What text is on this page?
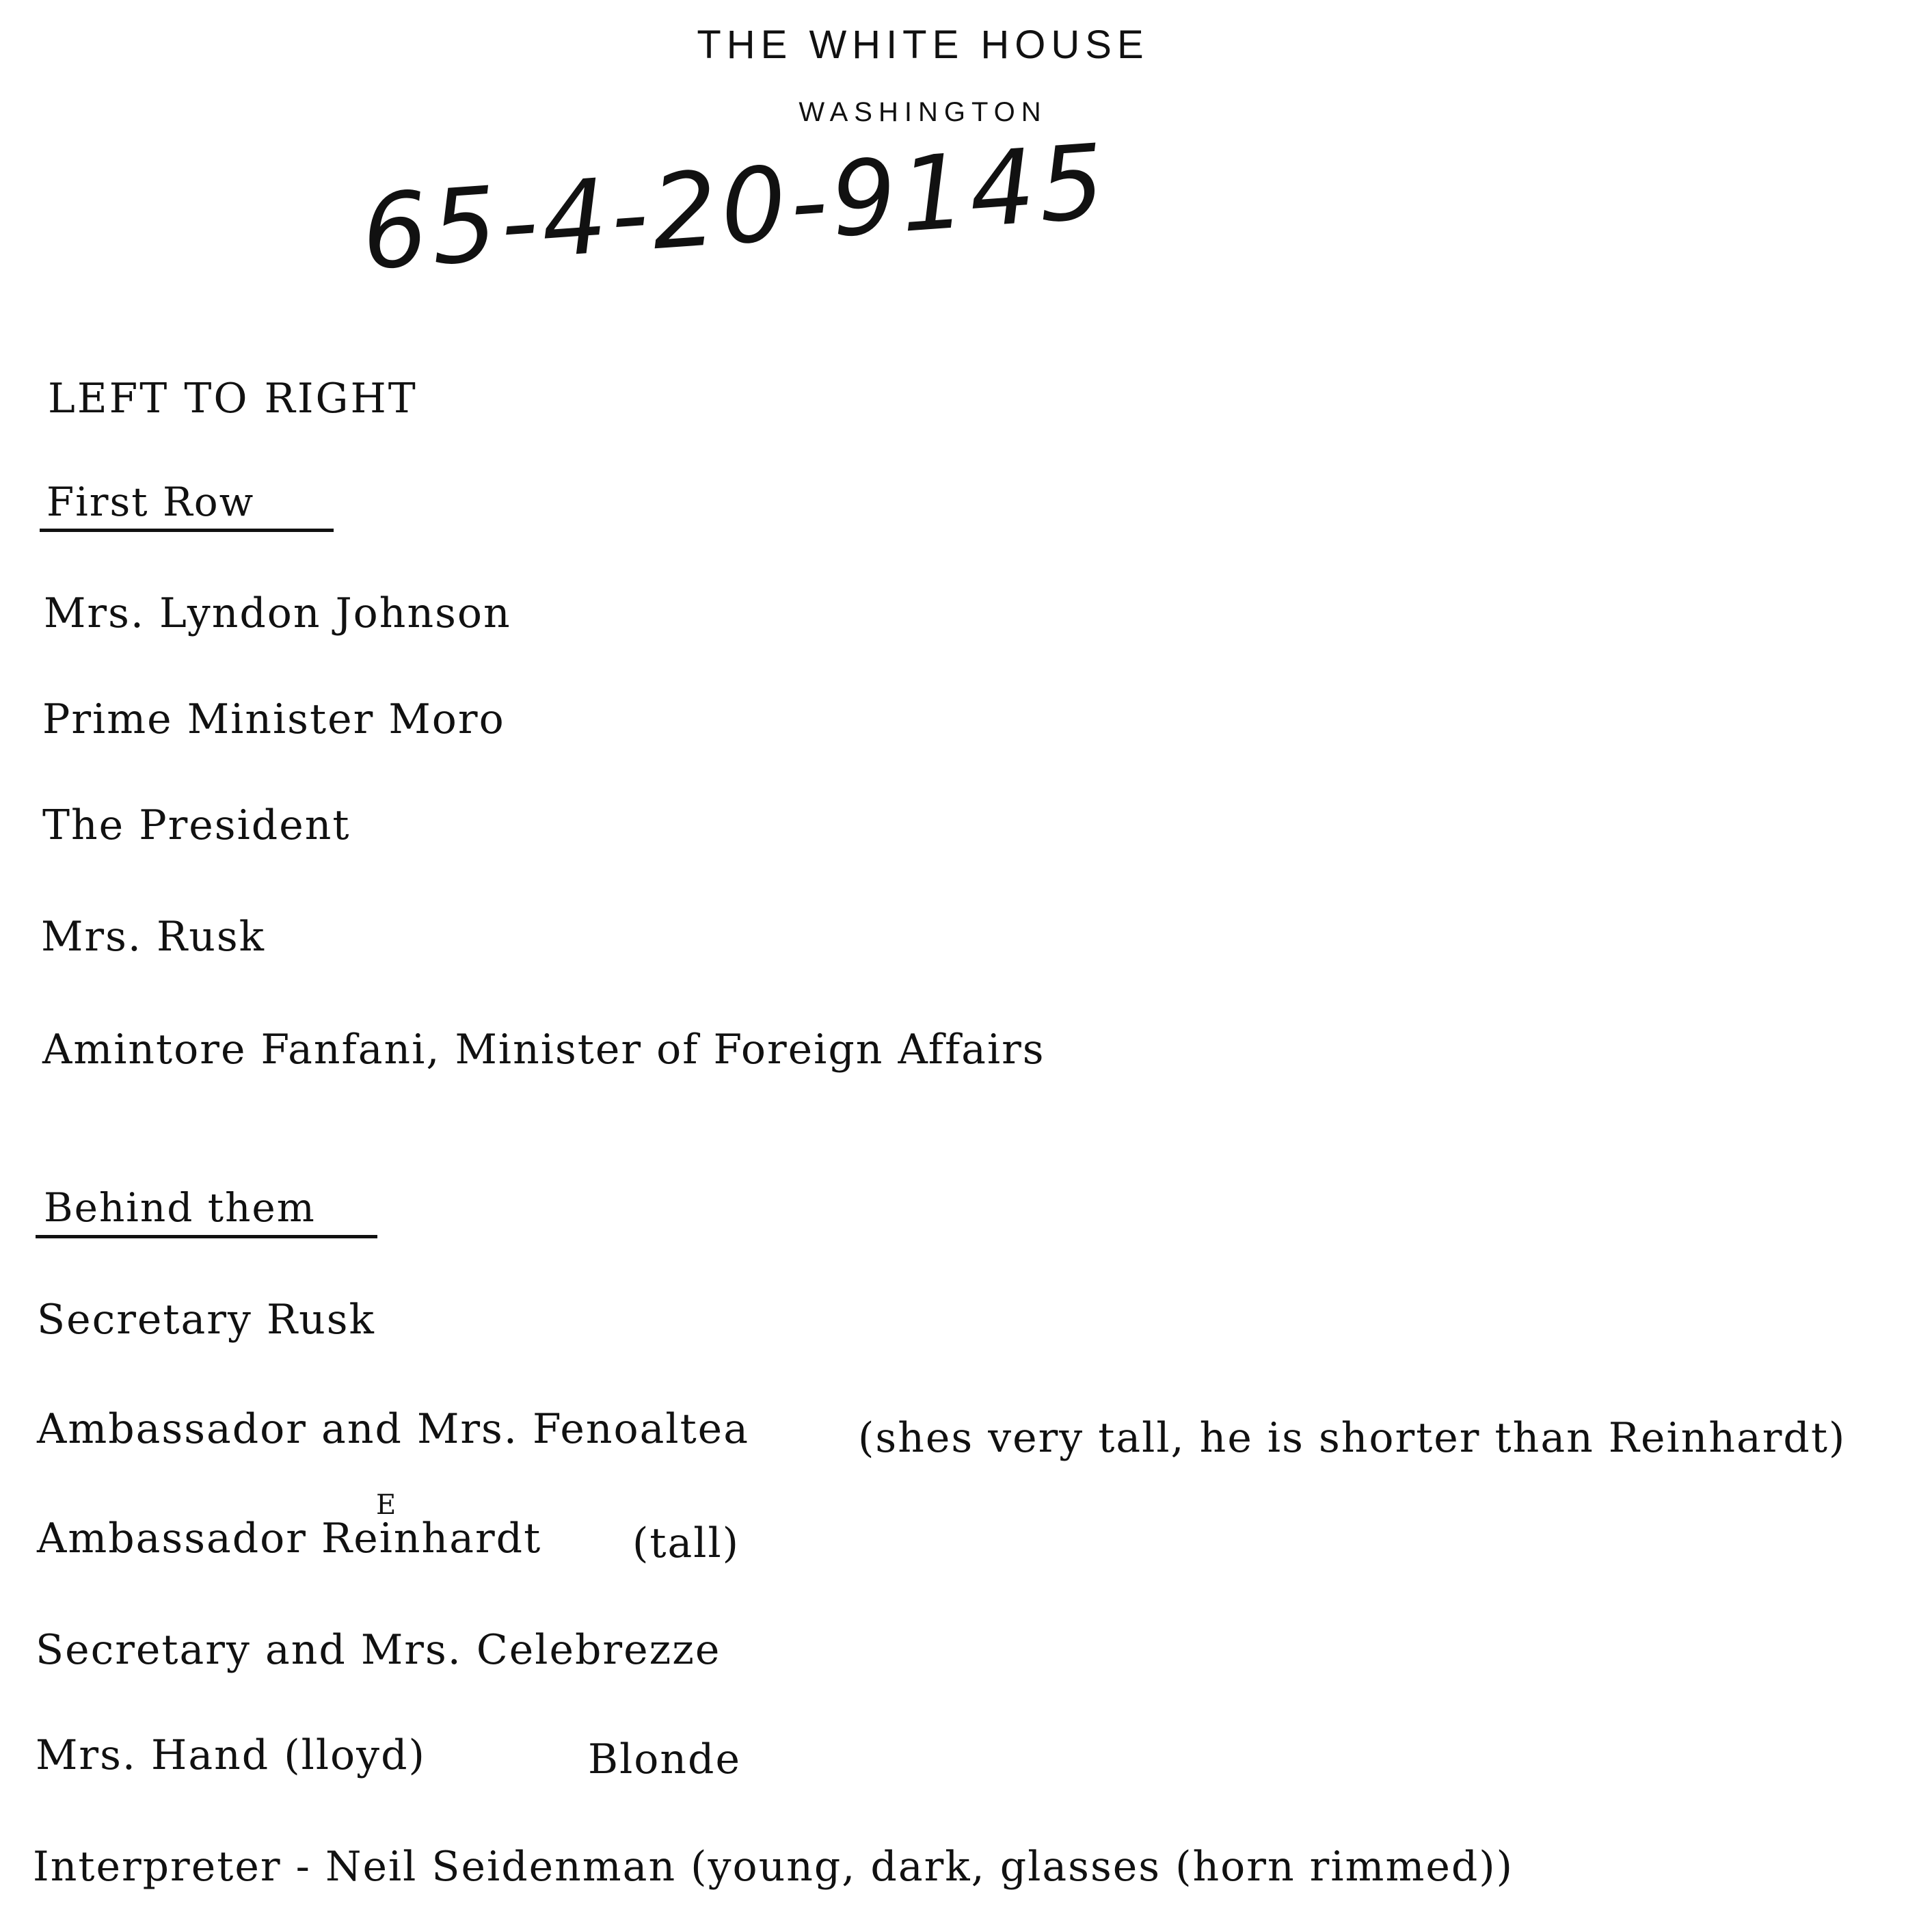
THE WHITE HOUSE
WASHINGTON
65-4-20-9145
LEFT TO RIGHT
First Row
Mrs. Lyndon Johnson
Prime Minister Moro
The President
Mrs. Rusk
Amintore Fanfani, Minister of Foreign Affairs
Behind them
Secretary Rusk
Ambassador and Mrs. Fenoaltea	(shes very tall, he is shorter than Reinhardt)
Ambassador Reinhardt
E
(tall)
Secretary and Mrs. Celebrezze
Mrs. Hand (lloyd)	Blonde
Interpreter - Neil Seidenman (young, dark, glasses (horn rimmed))
